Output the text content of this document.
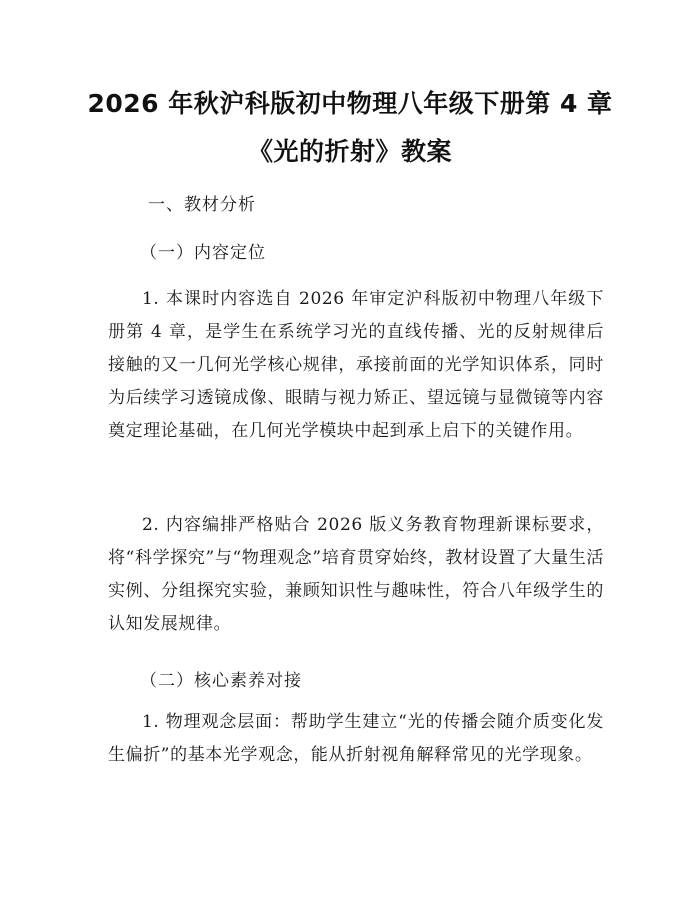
2026 年秋沪科版初中物理八年级下册第 4 章
《光的折射》教案
一、教材分析
（一）内容定位
1. 本课时内容选自 2026 年审定沪科版初中物理八年级下册第 4 章，是学生在系统学习光的直线传播、光的反射规律后接触的又一几何光学核心规律，承接前面的光学知识体系，同时为后续学习透镜成像、眼睛与视力矫正、望远镜与显微镜等内容奠定理论基础，在几何光学模块中起到承上启下的关键作用。
2. 内容编排严格贴合 2026 版义务教育物理新课标要求，将“科学探究”与“物理观念”培育贯穿始终，教材设置了大量生活实例、分组探究实验，兼顾知识性与趣味性，符合八年级学生的认知发展规律。
（二）核心素养对接
1. 物理观念层面：帮助学生建立“光的传播会随介质变化发生偏折”的基本光学观念，能从折射视角解释常见的光学现象。
